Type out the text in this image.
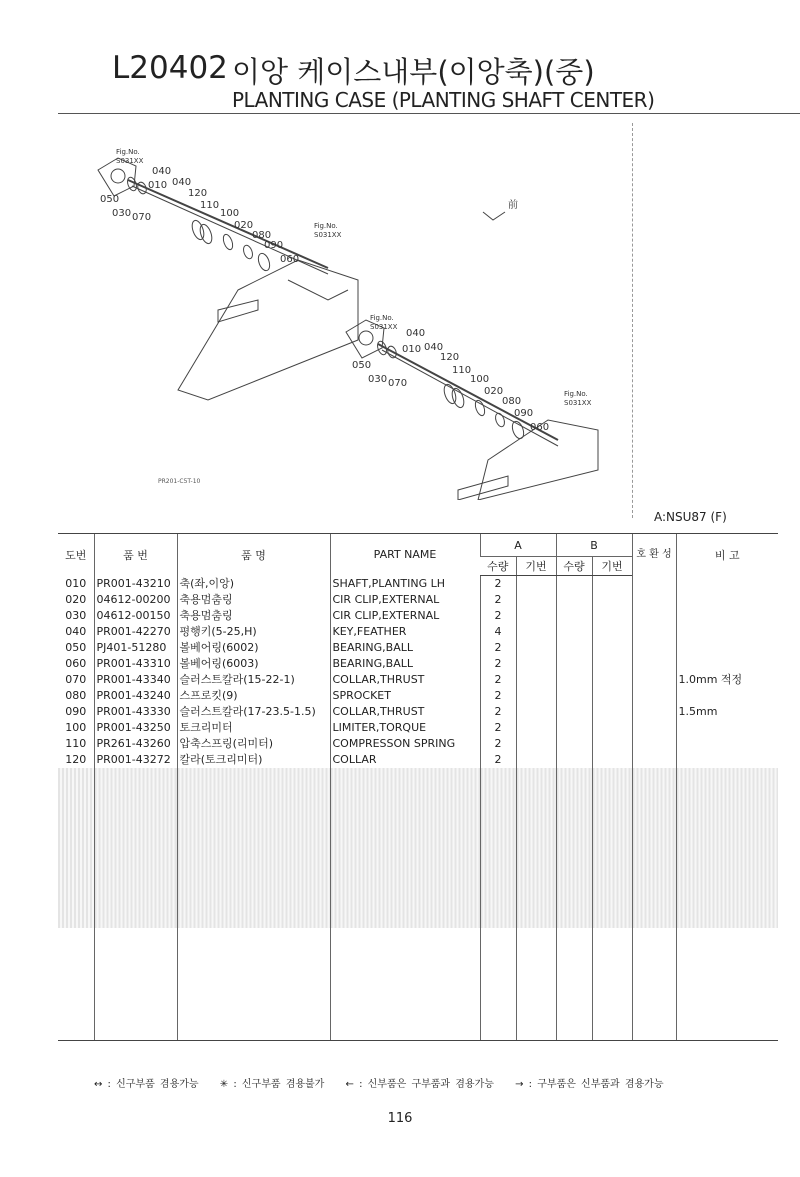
L20402 이앙 케이스내부(이앙축)(중)
PLANTING CASE (PLANTING SHAFT CENTER)
Fig.No.
S031XX
040
010 040
050
030 070
120
110
100
020
080
090
060
Fig.No.
S031XX
Fig.No.
S031XX
040
010 040
050
030 070
120
110
100
020
080
090
060
Fig.No.
S031XX
前
PR201-C5T-10
A:NSU87 (F)
도번	품 번	품 명	PART NAME	A		B		호 환 성	비 고
				수량	기번	수량	기번		
010	PR001-43210	축(좌,이앙)	SHAFT,PLANTING LH	2					
020	04612-00200	축용멈춤링	CIR CLIP,EXTERNAL	2					
030	04612-00150	축용멈춤링	CIR CLIP,EXTERNAL	2					
040	PR001-42270	평행키(5-25,H)	KEY,FEATHER	4					
050	PJ401-51280	볼베어링(6002)	BEARING,BALL	2					
060	PR001-43310	볼베어링(6003)	BEARING,BALL	2					
070	PR001-43340	슬러스트칼라(15-22-1)	COLLAR,THRUST	2					1.0mm 적정
080	PR001-43240	스프로킷(9)	SPROCKET	2					
090	PR001-43330	슬러스트칼라(17-23.5-1.5)	COLLAR,THRUST	2					1.5mm
100	PR001-43250	토크리미터	LIMITER,TORQUE	2					
110	PR261-43260	압축스프링(리미터)	COMPRESSON SPRING	2					
120	PR001-43272	칼라(토크리미터)	COLLAR	2					

↔ : 신구부품 겸용가능 ✳ : 신구부품 겸용불가 ← : 신부품은 구부품과 겸용가능 → : 구부품은 신부품과 겸용가능
116
